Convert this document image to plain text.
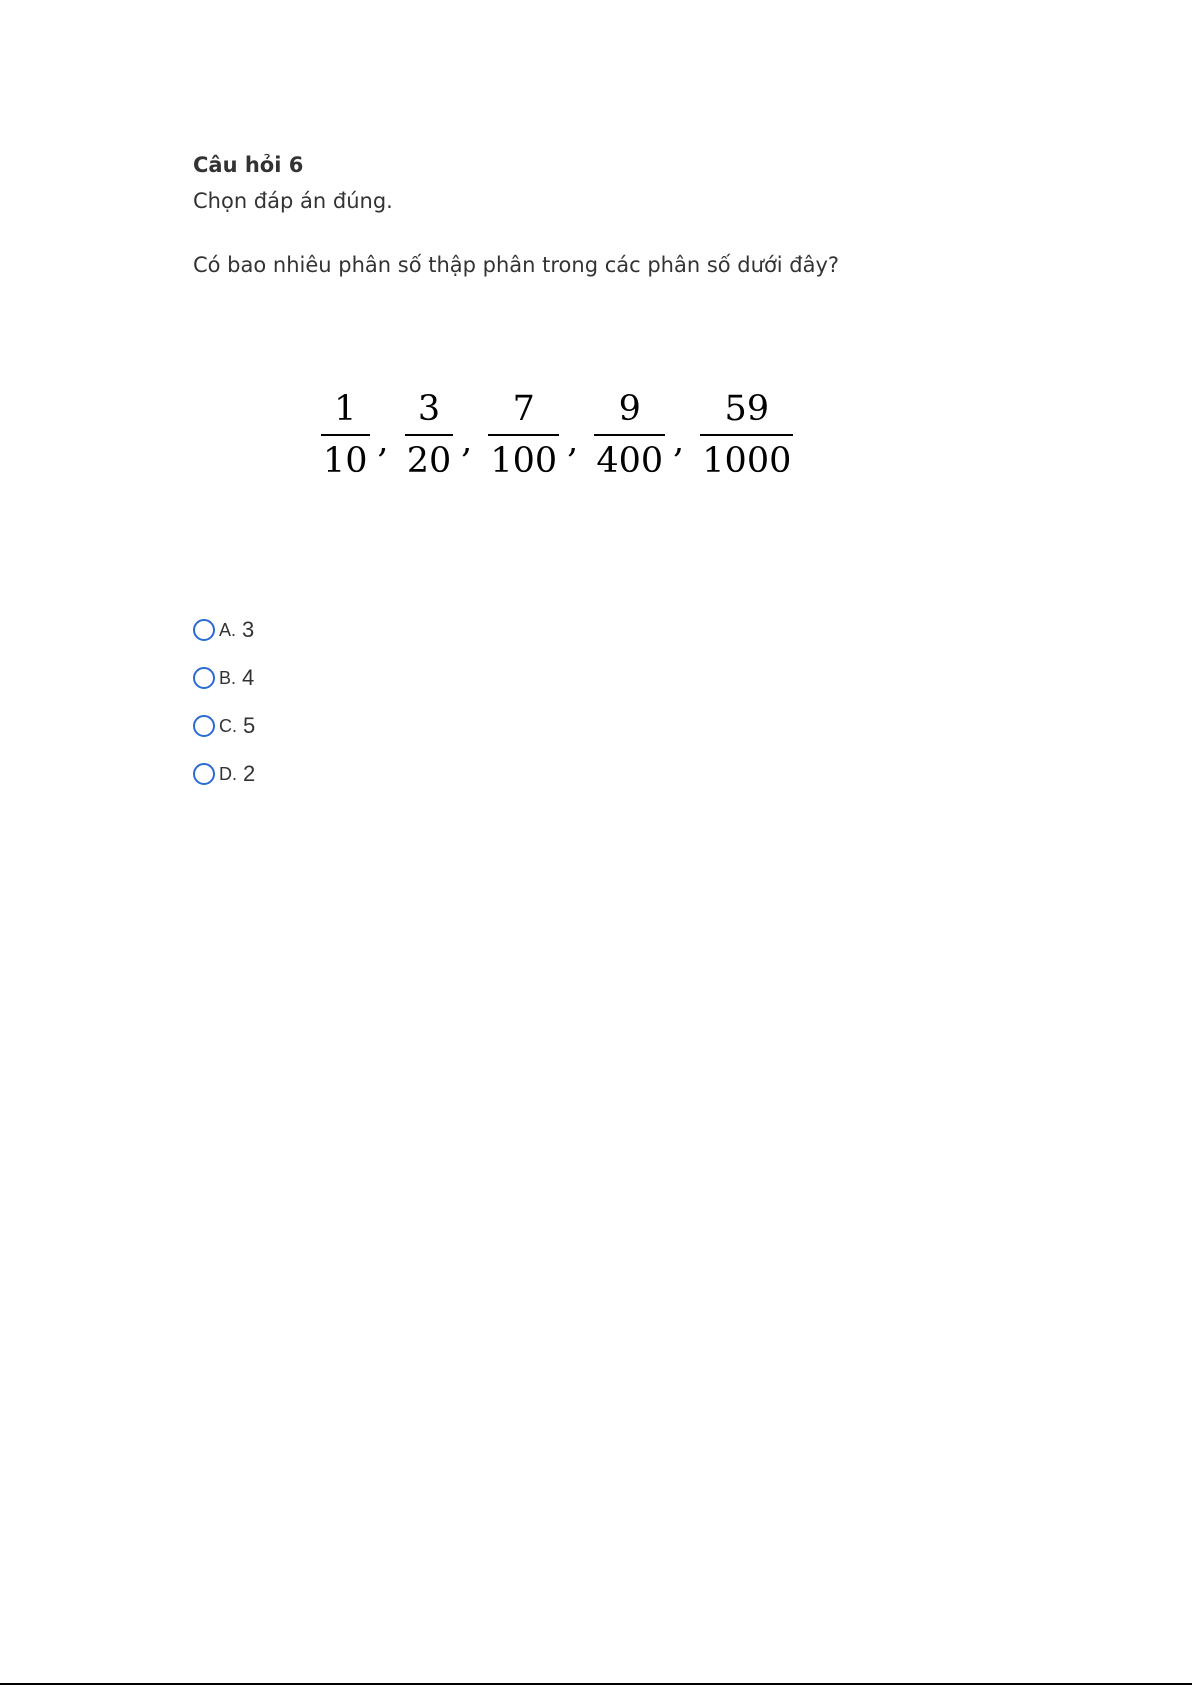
Câu hỏi 6
Chọn đáp án đúng.
Có bao nhiêu phân số thập phân trong các phân số dưới đây?
$\frac{1}{10}$ , $\frac{3}{20}$ , $\frac{7}{100}$ , $\frac{9}{400}$ , $\frac{59}{1000}$
A. 3
B. 4
C. 5
D. 2
